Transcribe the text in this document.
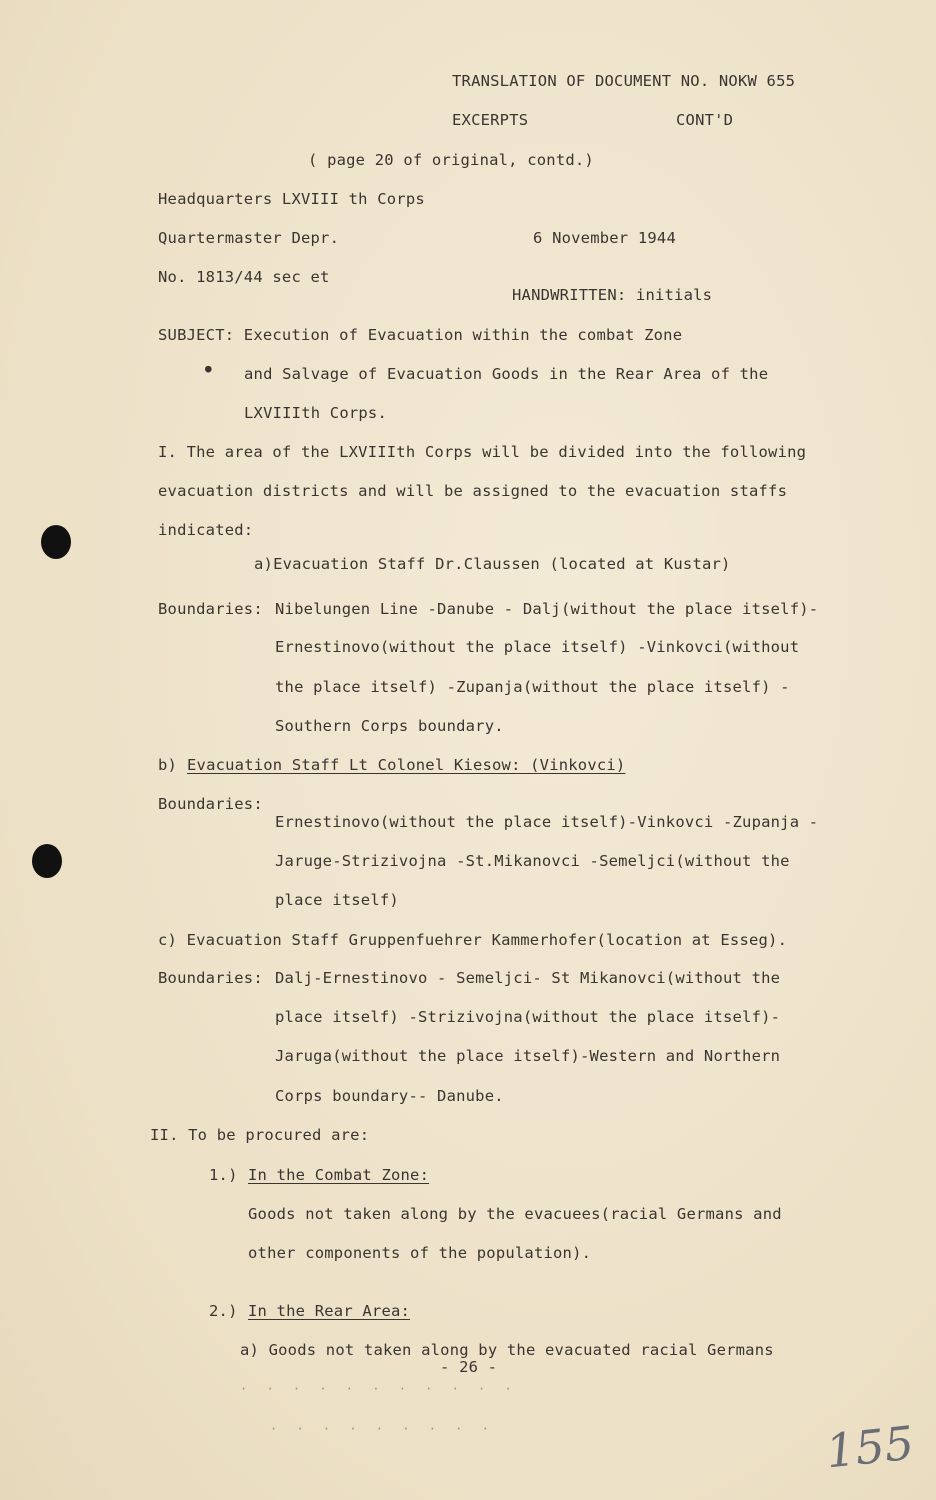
TRANSLATION OF DOCUMENT NO. NOKW 655
EXCERPTS	CONT'D
( page 20 of original, contd.)
Headquarters LXVIII th Corps
Quartermaster Depr.	6 November 1944
No. 1813/44 sec et
HANDWRITTEN: initials
SUBJECT: Execution of Evacuation within the combat Zone
● and Salvage of Evacuation Goods in the Rear Area of the
LXVIIIth Corps.
I. The area of the LXVIIIth Corps will be divided into the following
evacuation districts and will be assigned to the evacuation staffs
indicated:
a)Evacuation Staff Dr.Claussen (located at Kustar)
Boundaries: Nibelungen Line -Danube - Dalj(without the place itself)-
Ernestinovo(without the place itself) -Vinkovci(without
the place itself) -Zupanja(without the place itself) -
Southern Corps boundary.
b) Evacuation Staff Lt Colonel Kiesow: (Vinkovci)
Boundaries:
Ernestinovo(without the place itself)-Vinkovci -Zupanja -
Jaruge-Strizivojna -St.Mikanovci -Semeljci(without the
place itself)
c) Evacuation Staff Gruppenfuehrer Kammerhofer(location at Esseg).
Boundaries: Dalj-Ernestinovo - Semeljci- St Mikanovci(without the
place itself) -Strizivojna(without the place itself)-
Jaruga(without the place itself)-Western and Northern
Corps boundary-- Danube.
II. To be procured are:
1.) In the Combat Zone:
Goods not taken along by the evacuees(racial Germans and
other components of the population).
2.) In the Rear Area:
a) Goods not taken along by the evacuated racial Germans
- 26 -
· · · · · · · · · · ·
· · · · · · · · ·	155
